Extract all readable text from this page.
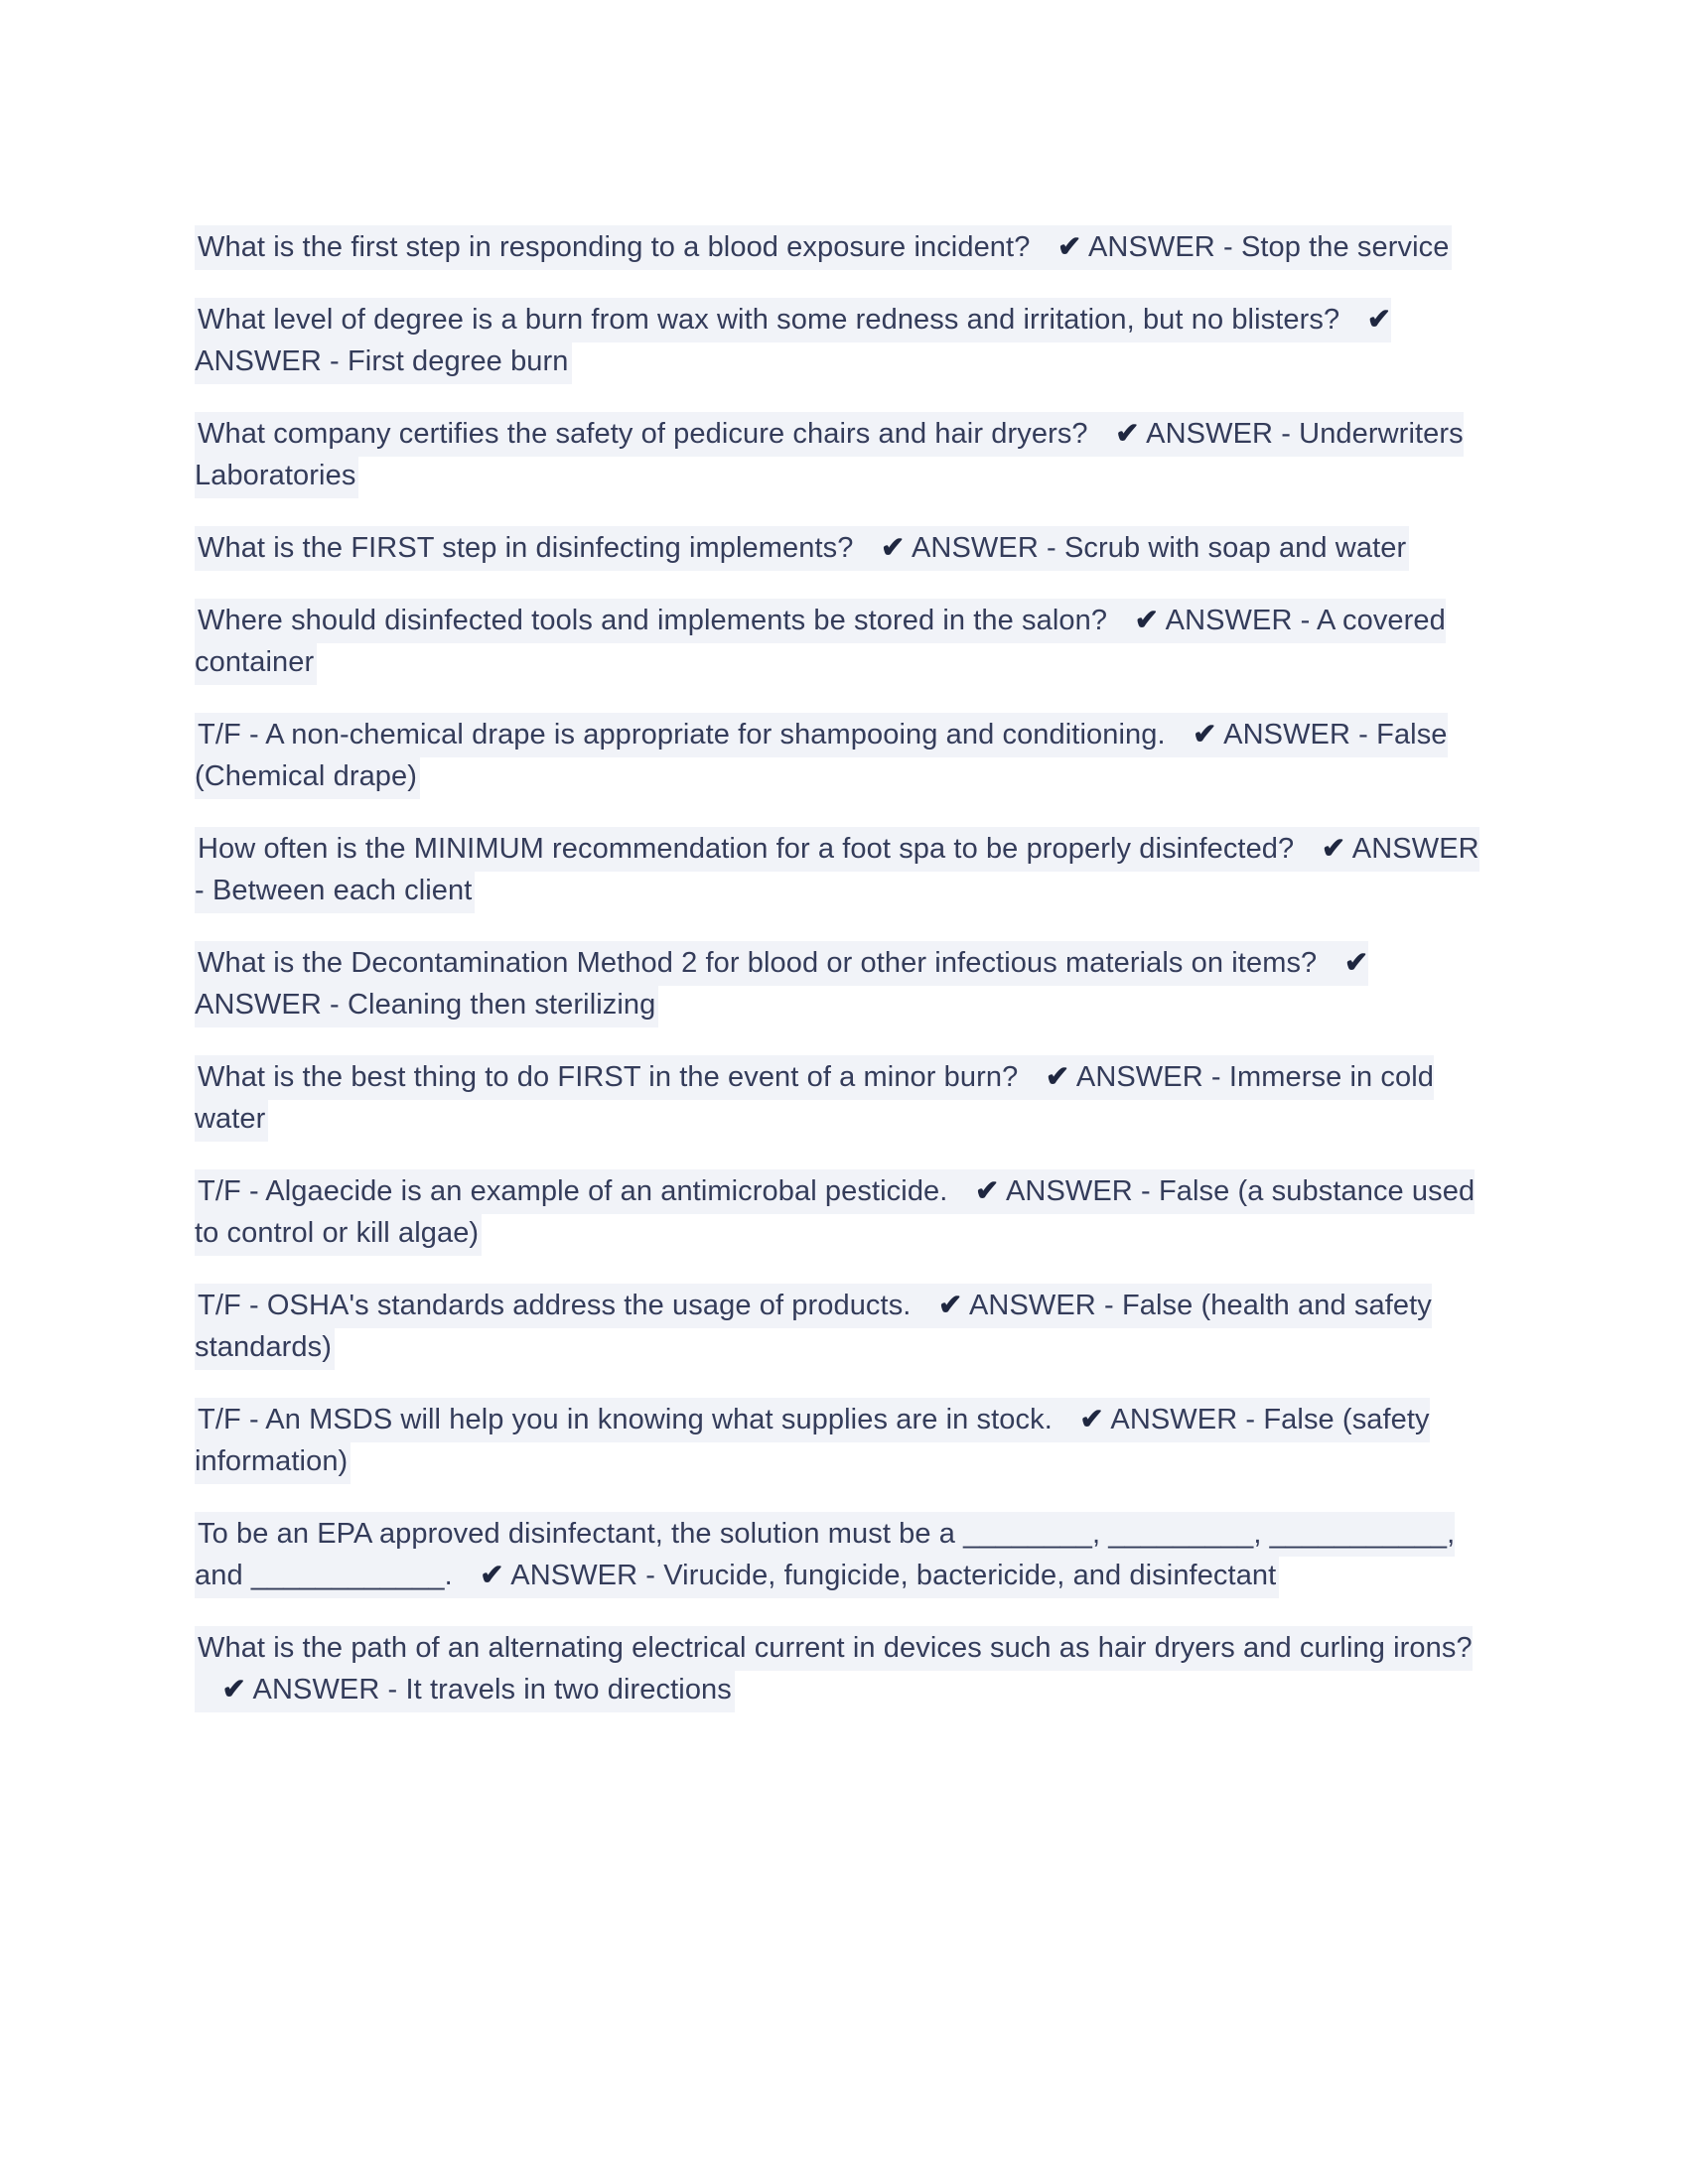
What is the first step in responding to a blood exposure incident? ✔ ANSWER - Stop the service

What level of degree is a burn from wax with some redness and irritation, but no blisters? ✔ ANSWER - First degree burn

What company certifies the safety of pedicure chairs and hair dryers? ✔ ANSWER - Underwriters Laboratories

What is the FIRST step in disinfecting implements? ✔ ANSWER - Scrub with soap and water

Where should disinfected tools and implements be stored in the salon? ✔ ANSWER - A covered container

T/F - A non-chemical drape is appropriate for shampooing and conditioning. ✔ ANSWER - False (Chemical drape)

How often is the MINIMUM recommendation for a foot spa to be properly disinfected? ✔ ANSWER - Between each client

What is the Decontamination Method 2 for blood or other infectious materials on items? ✔ ANSWER - Cleaning then sterilizing

What is the best thing to do FIRST in the event of a minor burn? ✔ ANSWER - Immerse in cold water

T/F - Algaecide is an example of an antimicrobal pesticide. ✔ ANSWER - False (a substance used to control or kill algae)

T/F - OSHA's standards address the usage of products. ✔ ANSWER - False (health and safety standards)

T/F - An MSDS will help you in knowing what supplies are in stock. ✔ ANSWER - False (safety information)

To be an EPA approved disinfectant, the solution must be a ________, _________, ___________, and ____________. ✔ ANSWER - Virucide, fungicide, bactericide, and disinfectant

What is the path of an alternating electrical current in devices such as hair dryers and curling irons?✔ ANSWER - It travels in two directions
